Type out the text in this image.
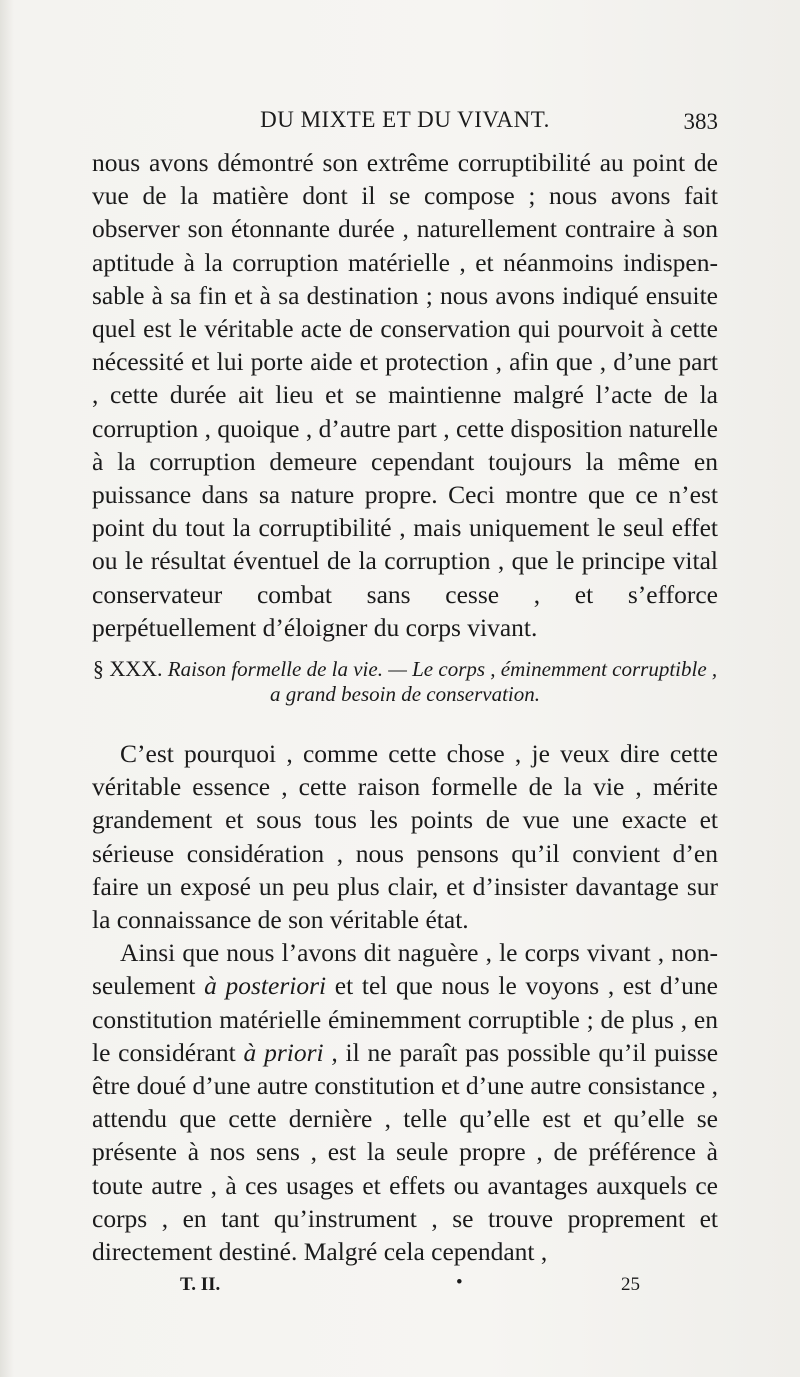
DU MIXTE ET DU VIVANT.	383

nous avons démontré son extrême corruptibilité au point de vue de la matière dont il se compose ; nous avons fait observer son étonnante durée , naturellement contraire à son aptitude à la corruption matérielle , et néanmoins indispensable à sa fin et à sa destination ; nous avons indiqué ensuite quel est le véritable acte de conservation qui pourvoit à cette nécessité et lui porte aide et protection , afin que , d’une part , cette durée ait lieu et se maintienne malgré l’acte de la corruption , quoique , d’autre part , cette disposition naturelle à la corruption demeure cependant toujours la même en puissance dans sa nature propre. Ceci montre que ce n’est point du tout la corruptibilité , mais uniquement le seul effet ou le résultat éventuel de la corruption , que le principe vital conservateur combat sans cesse , et s’efforce perpétuellement d’éloigner du corps vivant.

§ XXX. Raison formelle de la vie. — Le corps , éminemment corruptible , a grand besoin de conservation.

C’est pourquoi , comme cette chose , je veux dire cette véritable essence , cette raison formelle de la vie , mérite grandement et sous tous les points de vue une exacte et sérieuse considération , nous pensons qu’il convient d’en faire un exposé un peu plus clair, et d’insister davantage sur la connaissance de son véritable état.

Ainsi que nous l’avons dit naguère , le corps vivant , non-seulement à posteriori et tel que nous le voyons , est d’une constitution matérielle éminemment corruptible ; de plus , en le considérant à priori , il ne paraît pas possible qu’il puisse être doué d’une autre constitution et d’une autre consistance , attendu que cette dernière , telle qu’elle est et qu’elle se présente à nos sens , est la seule propre , de préférence à toute autre , à ces usages et effets ou avantages auxquels ce corps , en tant qu’instrument , se trouve proprement et directement destiné. Malgré cela cependant ,

T. II.	•	25
